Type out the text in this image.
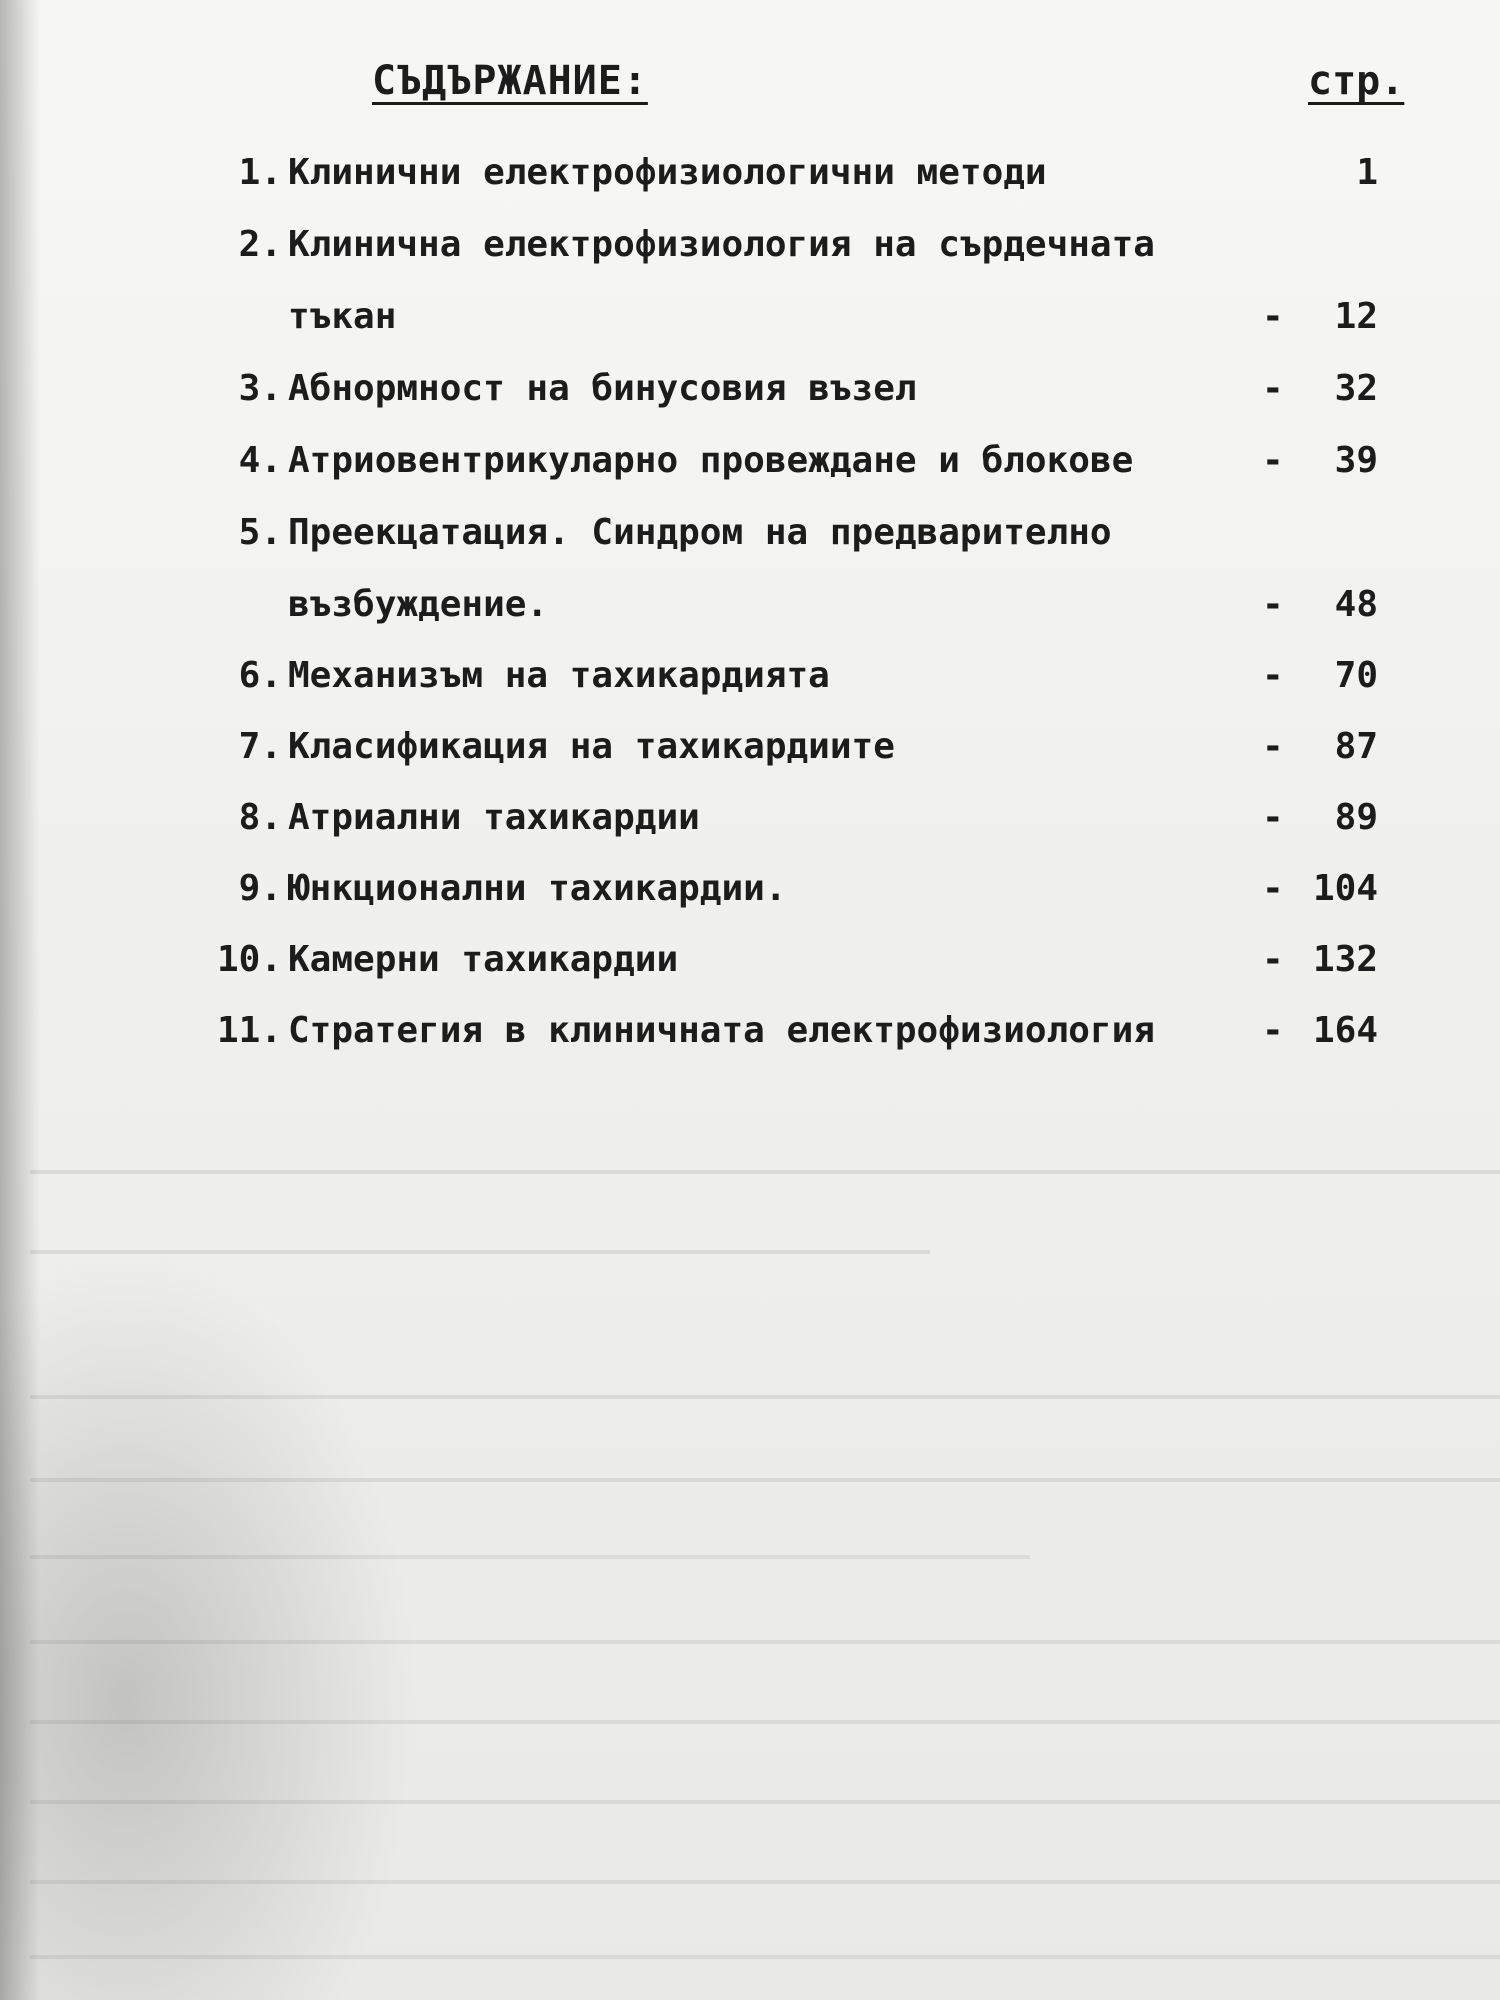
СЪДЪРЖАНИЕ:	стр.
1. Клинични електрофизиологични методи	1
2. Клинична електрофизиология на сърдечната
тъкан	- 12
3. Абнормност на бинусовия възел	- 32
4. Атриовентрикуларно провеждане и блокове	- 39
5. Преекцатация. Синдром на предварително
възбуждение.	- 48
6. Механизъм на тахикардията	- 70
7. Класификация на тахикардиите	- 87
8. Атриални тахикардии	- 89
9. Юнкционални тахикардии.	- 104
10. Камерни тахикардии	- 132
11. Стратегия в клиничната електрофизиология	- 164
